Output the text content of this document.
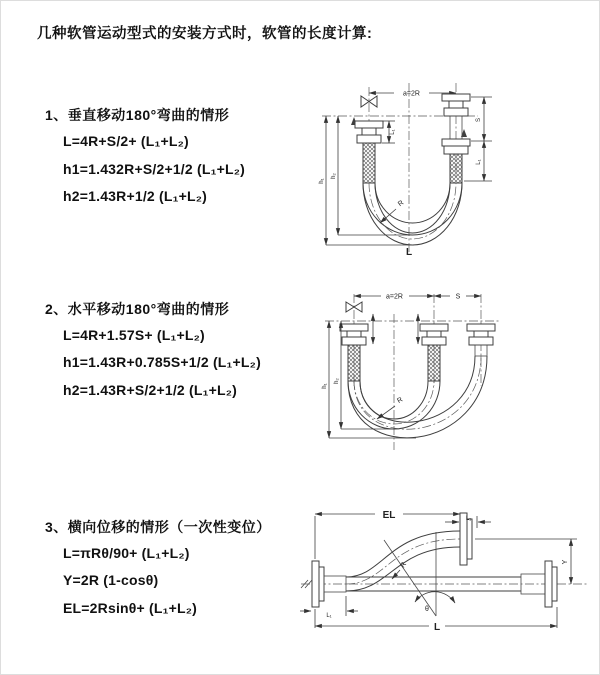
几种软管运动型式的安装方式时，软管的长度计算:
1、垂直移动180°弯曲的情形
L=4R+S/2+ (L₁+L₂)
h1=1.432R+S/2+1/2 (L₁+L₂)
h2=1.43R+1/2 (L₁+L₂)
a=2R
R
h₁
h₂
S
L₁
L₁
L
2、水平移动180°弯曲的情形
L=4R+1.57S+ (L₁+L₂)
h1=1.43R+0.785S+1/2 (L₁+L₂)
h2=1.43R+S/2+1/2 (L₁+L₂)
a=2R	S
R
h₁
h₂
3、横向位移的情形（一次性变位）
L=πRθ/90+ (L₁+L₂)
Y=2R (1-cosθ)
EL=2Rsinθ+ (L₁+L₂)
EL	L₁
Y
θ
R
L
L₁
